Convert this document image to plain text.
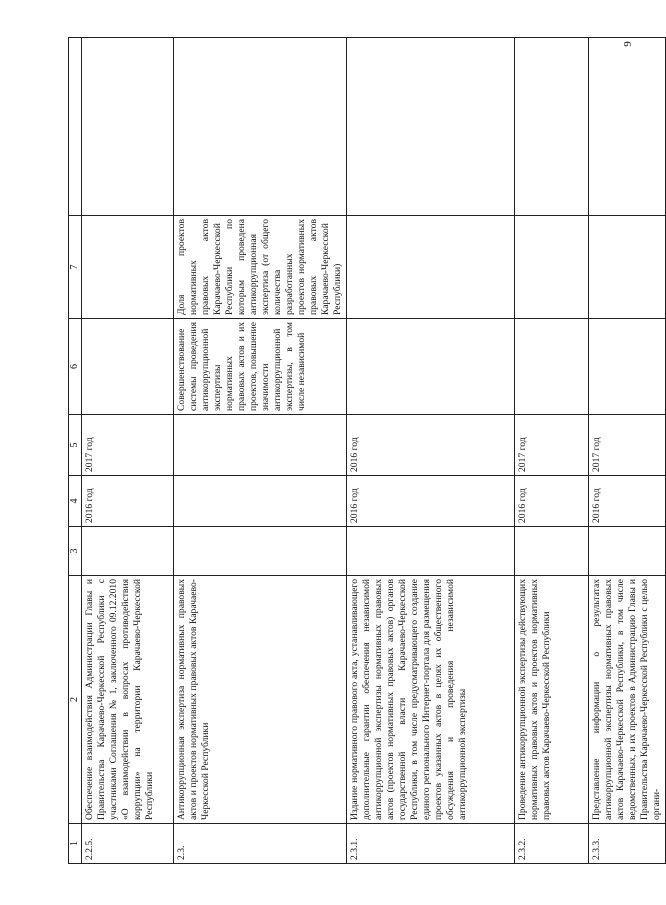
9
1	2	3	4	5	6	7	
2.2.5.	Обеспечение взаимодействия Администрации Главы и Правительства Карачаево-Черкесской Республики с участниками Соглашения № 1, заключенного 09.12.2010 «О взаимодействии в вопросах противодействия коррупции» на территории Карачаево-Черкесской Республики		2016 год	2017 год			
2.3.	Антикоррупционная экспертиза нормативных правовых актов и проектов нормативных правовых актов Карачаево-Черкесской Республики				Совершенствование системы проведения антикоррупционной экспертизы нормативных правовых актов и их проектов, повышение значимости антикоррупционной экспертизы, в том числе независимой	Доля проектов нормативных правовых актов Карачаево-Черкесской Республики по которым проведена антикоррупционная экспертиза (от общего количества разработанных проектов нормативных правовых актов Карачаево-Черкесской Республики)	
2.3.1.	Издание нормативного правового акта, устанавливающего дополнительные гарантии обеспечения независимой антикоррупционной экспертизы нормативных правовых актов (проектов нормативных правовых актов) органов государственной власти Карачаево-Черкесской Республики, в том числе предусматривающего создание единого регионального Интернет-портала для размещения проектов указанных актов в целях их общественного обсуждения и проведения независимой антикоррупционной экспертизы		2016 год	2016 год			
2.3.2.	Проведение антикоррупционной экспертизы действующих нормативных правовых актов и проектов нормативных правовых актов Карачаево-Черкесской Республики		2016 год	2017 год			
2.3.3.	Представление информации о результатах антикоррупционной экспертизы нормативных правовых актов Карачаево-Черкесской Республики, в том числе ведомственных, и их проектов в Администрацию Главы и Правительства Карачаево-Черкесской Республики с целью органи-		2016 год	2017 год			
